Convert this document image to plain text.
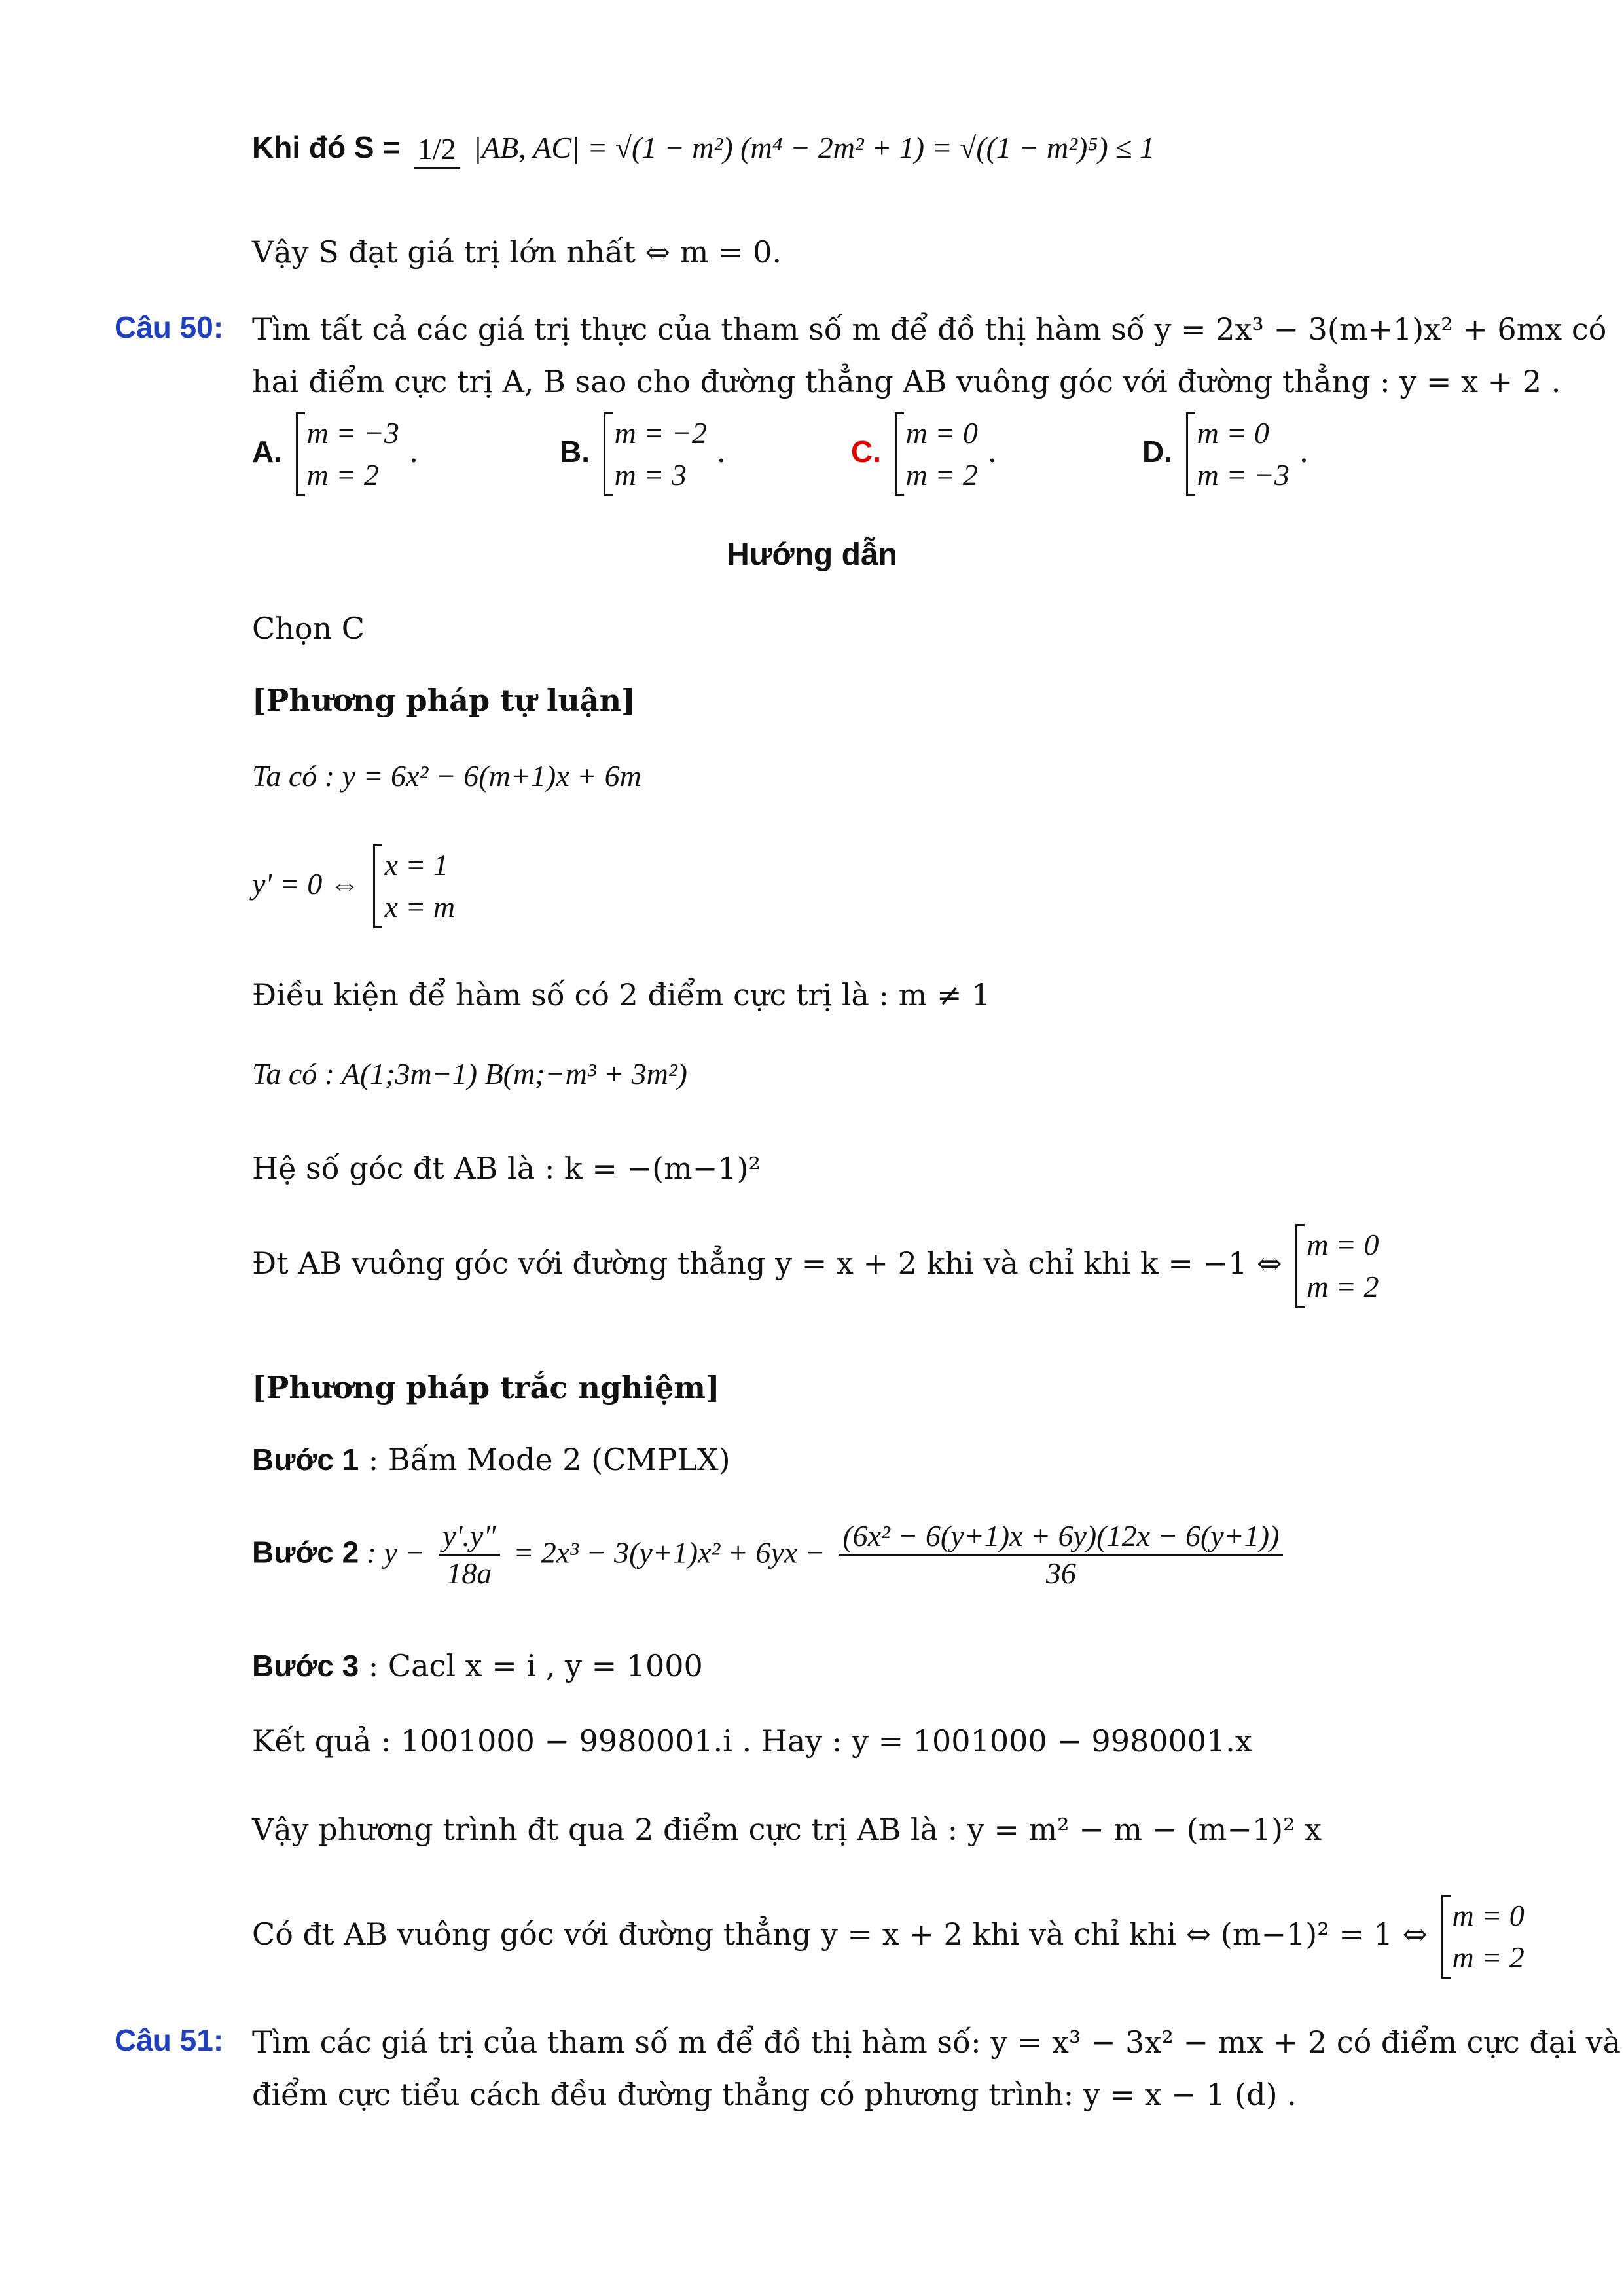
Khi đó S = 1/2 |AB, AC| = √(1 − m²) (m⁴ − 2m² + 1) = √((1 − m²)⁵) ≤ 1
Vậy S đạt giá trị lớn nhất ⇔ m = 0.
Câu 50: Tìm tất cả các giá trị thực của tham số m để đồ thị hàm số y = 2x³ − 3(m+1)x² + 6mx có
hai điểm cực trị A, B sao cho đường thẳng AB vuông góc với đường thẳng : y = x + 2 .
A.
m = −3
m = 2
.	B.
m = −2
m = 3
.	C.
m = 0
m = 2
.	D.
m = 0
m = −3
.
Hướng dẫn
Chọn C
[Phương pháp tự luận]
Ta có : y = 6x² − 6(m+1)x + 6m
y' = 0 ⇔
x = 1
x = m
Điều kiện để hàm số có 2 điểm cực trị là : m ≠ 1
Ta có : A(1;3m−1) B(m;−m³ + 3m²)
Hệ số góc đt AB là : k = −(m−1)²
Đt AB vuông góc với đường thẳng y = x + 2 khi và chỉ khi k = −1 ⇔
m = 0
m = 2
[Phương pháp trắc nghiệm]
Bước 1 : Bấm Mode 2 (CMPLX)
Bước 2 : $y - \frac{y'.y"}{18a} = 2x^3 - 3(y+1)x^2 + 6yx - \frac{\text{(6x² − 6(y+1)x + 6y)(12x − 6(y+1))}}{36}$
Bước 3 : Cacl x = i , y = 1000
Kết quả : 1001000 − 9980001.i . Hay : y = 1001000 − 9980001.x
Vậy phương trình đt qua 2 điểm cực trị AB là : y = m² − m − (m−1)² x
Có đt AB vuông góc với đường thẳng y = x + 2 khi và chỉ khi ⇔ (m−1)² = 1 ⇔
m = 0
m = 2
Câu 51: Tìm các giá trị của tham số m để đồ thị hàm số: y = x³ − 3x² − mx + 2 có điểm cực đại và
điểm cực tiểu cách đều đường thẳng có phương trình: y = x − 1 (d) .
